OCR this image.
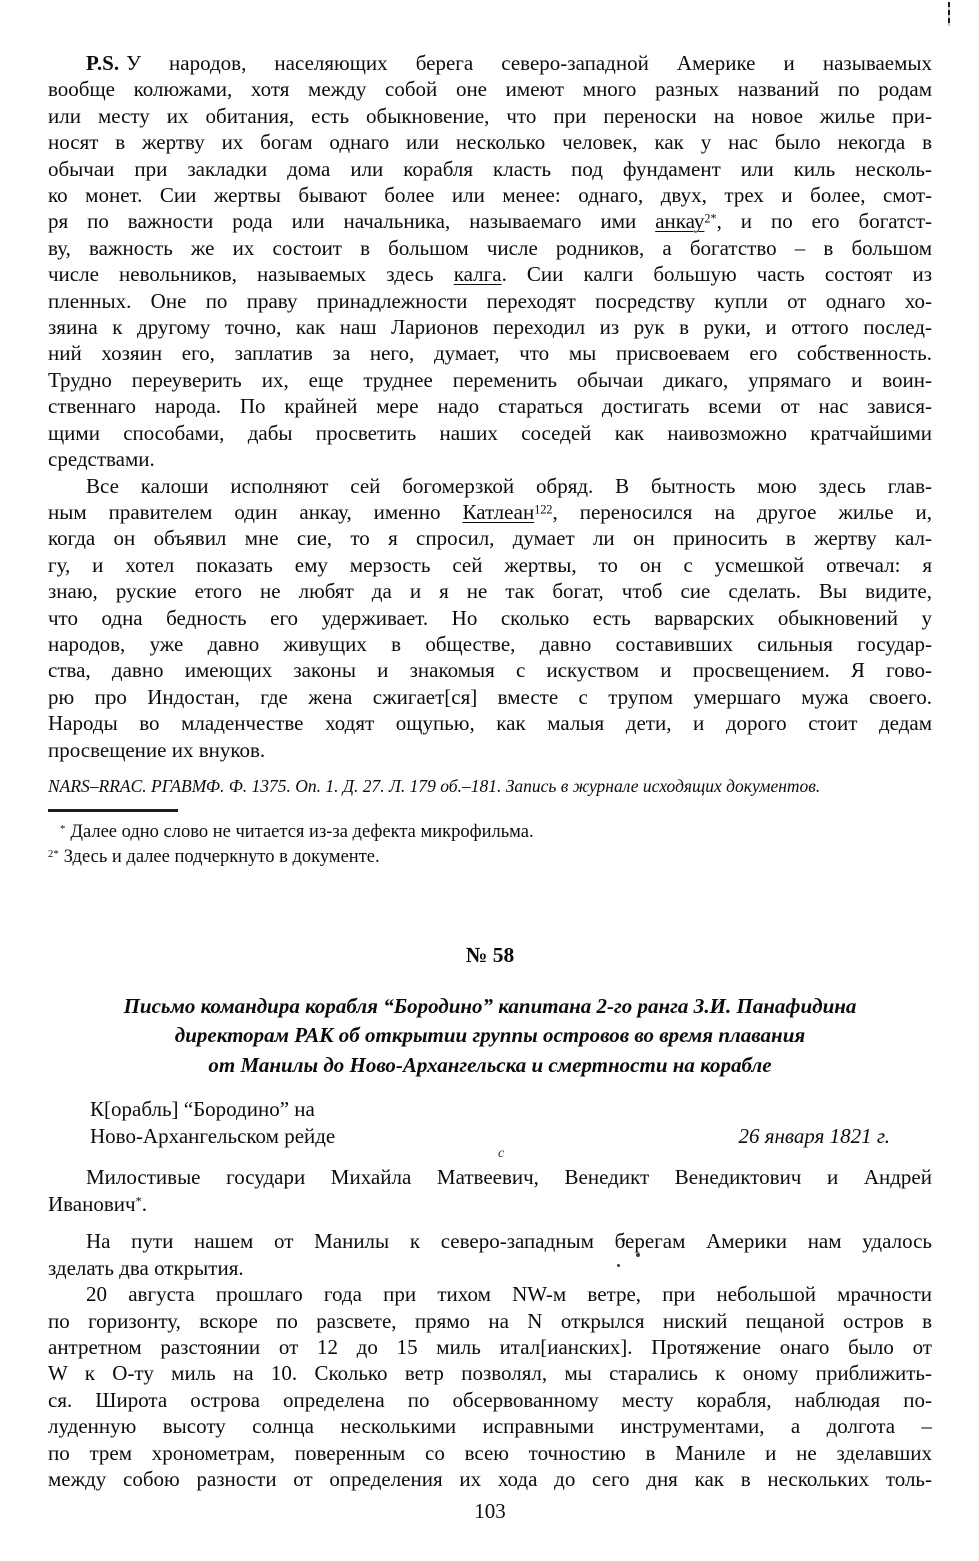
c
P.S. У народов, населяющих берега северо-западной Америке и называемых
вообще колюжами, хотя между собой оне имеют много разных названий по родам
или месту их обитания, есть обыкновение, что при переноски на новое жилье при-
носят в жертву их богам однаго или несколько человек, как у нас было некогда в
обычаи при закладки дома или корабля класть под фундамент или киль несколь-
ко монет. Сии жертвы бывают более или менее: однаго, двух, трех и более, смот-
ря по важности рода или начальника, называемаго ими анкау$^{2*}$, и по его богатст-
ву, важность же их состоит в большом числе родников, а богатство – в большом
числе невольников, называемых здесь калга. Сии калги большую часть состоят из
пленных. Оне по праву принадлежности переходят посредству купли от однаго хо-
зяина к другому точно, как наш Ларионов переходил из рук в руки, и оттого послед-
ний хозяин его, заплатив за него, думает, что мы присвоеваем его собственность.
Трудно переуверить их, еще труднее переменить обычаи дикаго, упрямаго и воин-
ственнаго народа. По крайней мере надо стараться достигать всеми от нас завися-
щими способами, дабы просветить наших соседей как наивозможно кратчайшими
средствами.
Все калоши исполняют сей богомерзкой обряд. В бытность мою здесь глав-
ным правителем один анкау, именно Катлеан$^{122}$, переносился на другое жилье и,
когда он объявил мне сие, то я спросил, думает ли он приносить в жертву кал-
гу, и хотел показать ему мерзость сей жертвы, то он с усмешкой отвечал: я
знаю, руские етого не любят да и я не так богат, чтоб сие сделать. Вы видите,
что одна бедность его удерживает. Но сколько есть варварских обыкновений у
народов, уже давно живущих в обществе, давно составивших сильныя государ-
ства, давно имеющих законы и знакомыя с искуством и просвещением. Я гово-
рю про Индостан, где жена сжигает[ся] вместе с трупом умершаго мужа своего.
Народы во младенчестве ходят ощупью, как малыя дети, и дорого стоит дедам
просвещение их внуков.
NARS–RRAC. РГАВМФ. Ф. 1375. Оп. 1. Д. 27. Л. 179 об.–181. Запись в журнале исходящих документов.
* Далее одно слово не читается из-за дефекта микрофильма.
$^{2*}$ Здесь и далее подчеркнуто в документе.
№ 58
Письмо командира корабля “Бородино” капитана 2-го ранга З.И. Панафидина
директорам РАК об открытии группы островов во время плавания
от Манилы до Ново-Архангельска и смертности на корабле
К[орабль] “Бородино” на
Ново-Архангельском рейде	26 января 1821 г.
Милостивые государи Михайла Матвеевич, Венедикт Венедиктович и Андрей
Иванович*.
На пути нашем от Манилы к северо-западным берегам Америки нам удалось
зделать два открытия.
20 августа прошлаго года при тихом NW-м ветре, при небольшой мрачности
по горизонту, вскоре по разсвете, прямо на N открылся ниский пещаной остров в
антретном разстоянии от 12 до 15 миль итал[ианских]. Протяжение онаго было от
W к O-ту миль на 10. Сколько ветр позволял, мы старались к оному приближить-
ся. Широта острова определена по обсервованному месту корабля, наблюдая по-
луденную высоту солнца несколькими исправными инструментами, а долгота –
по трем хронометрам, поверенным со всею точностию в Маниле и не зделавших
между собою разности от определения их хода до сего дня как в нескольких толь-
103
